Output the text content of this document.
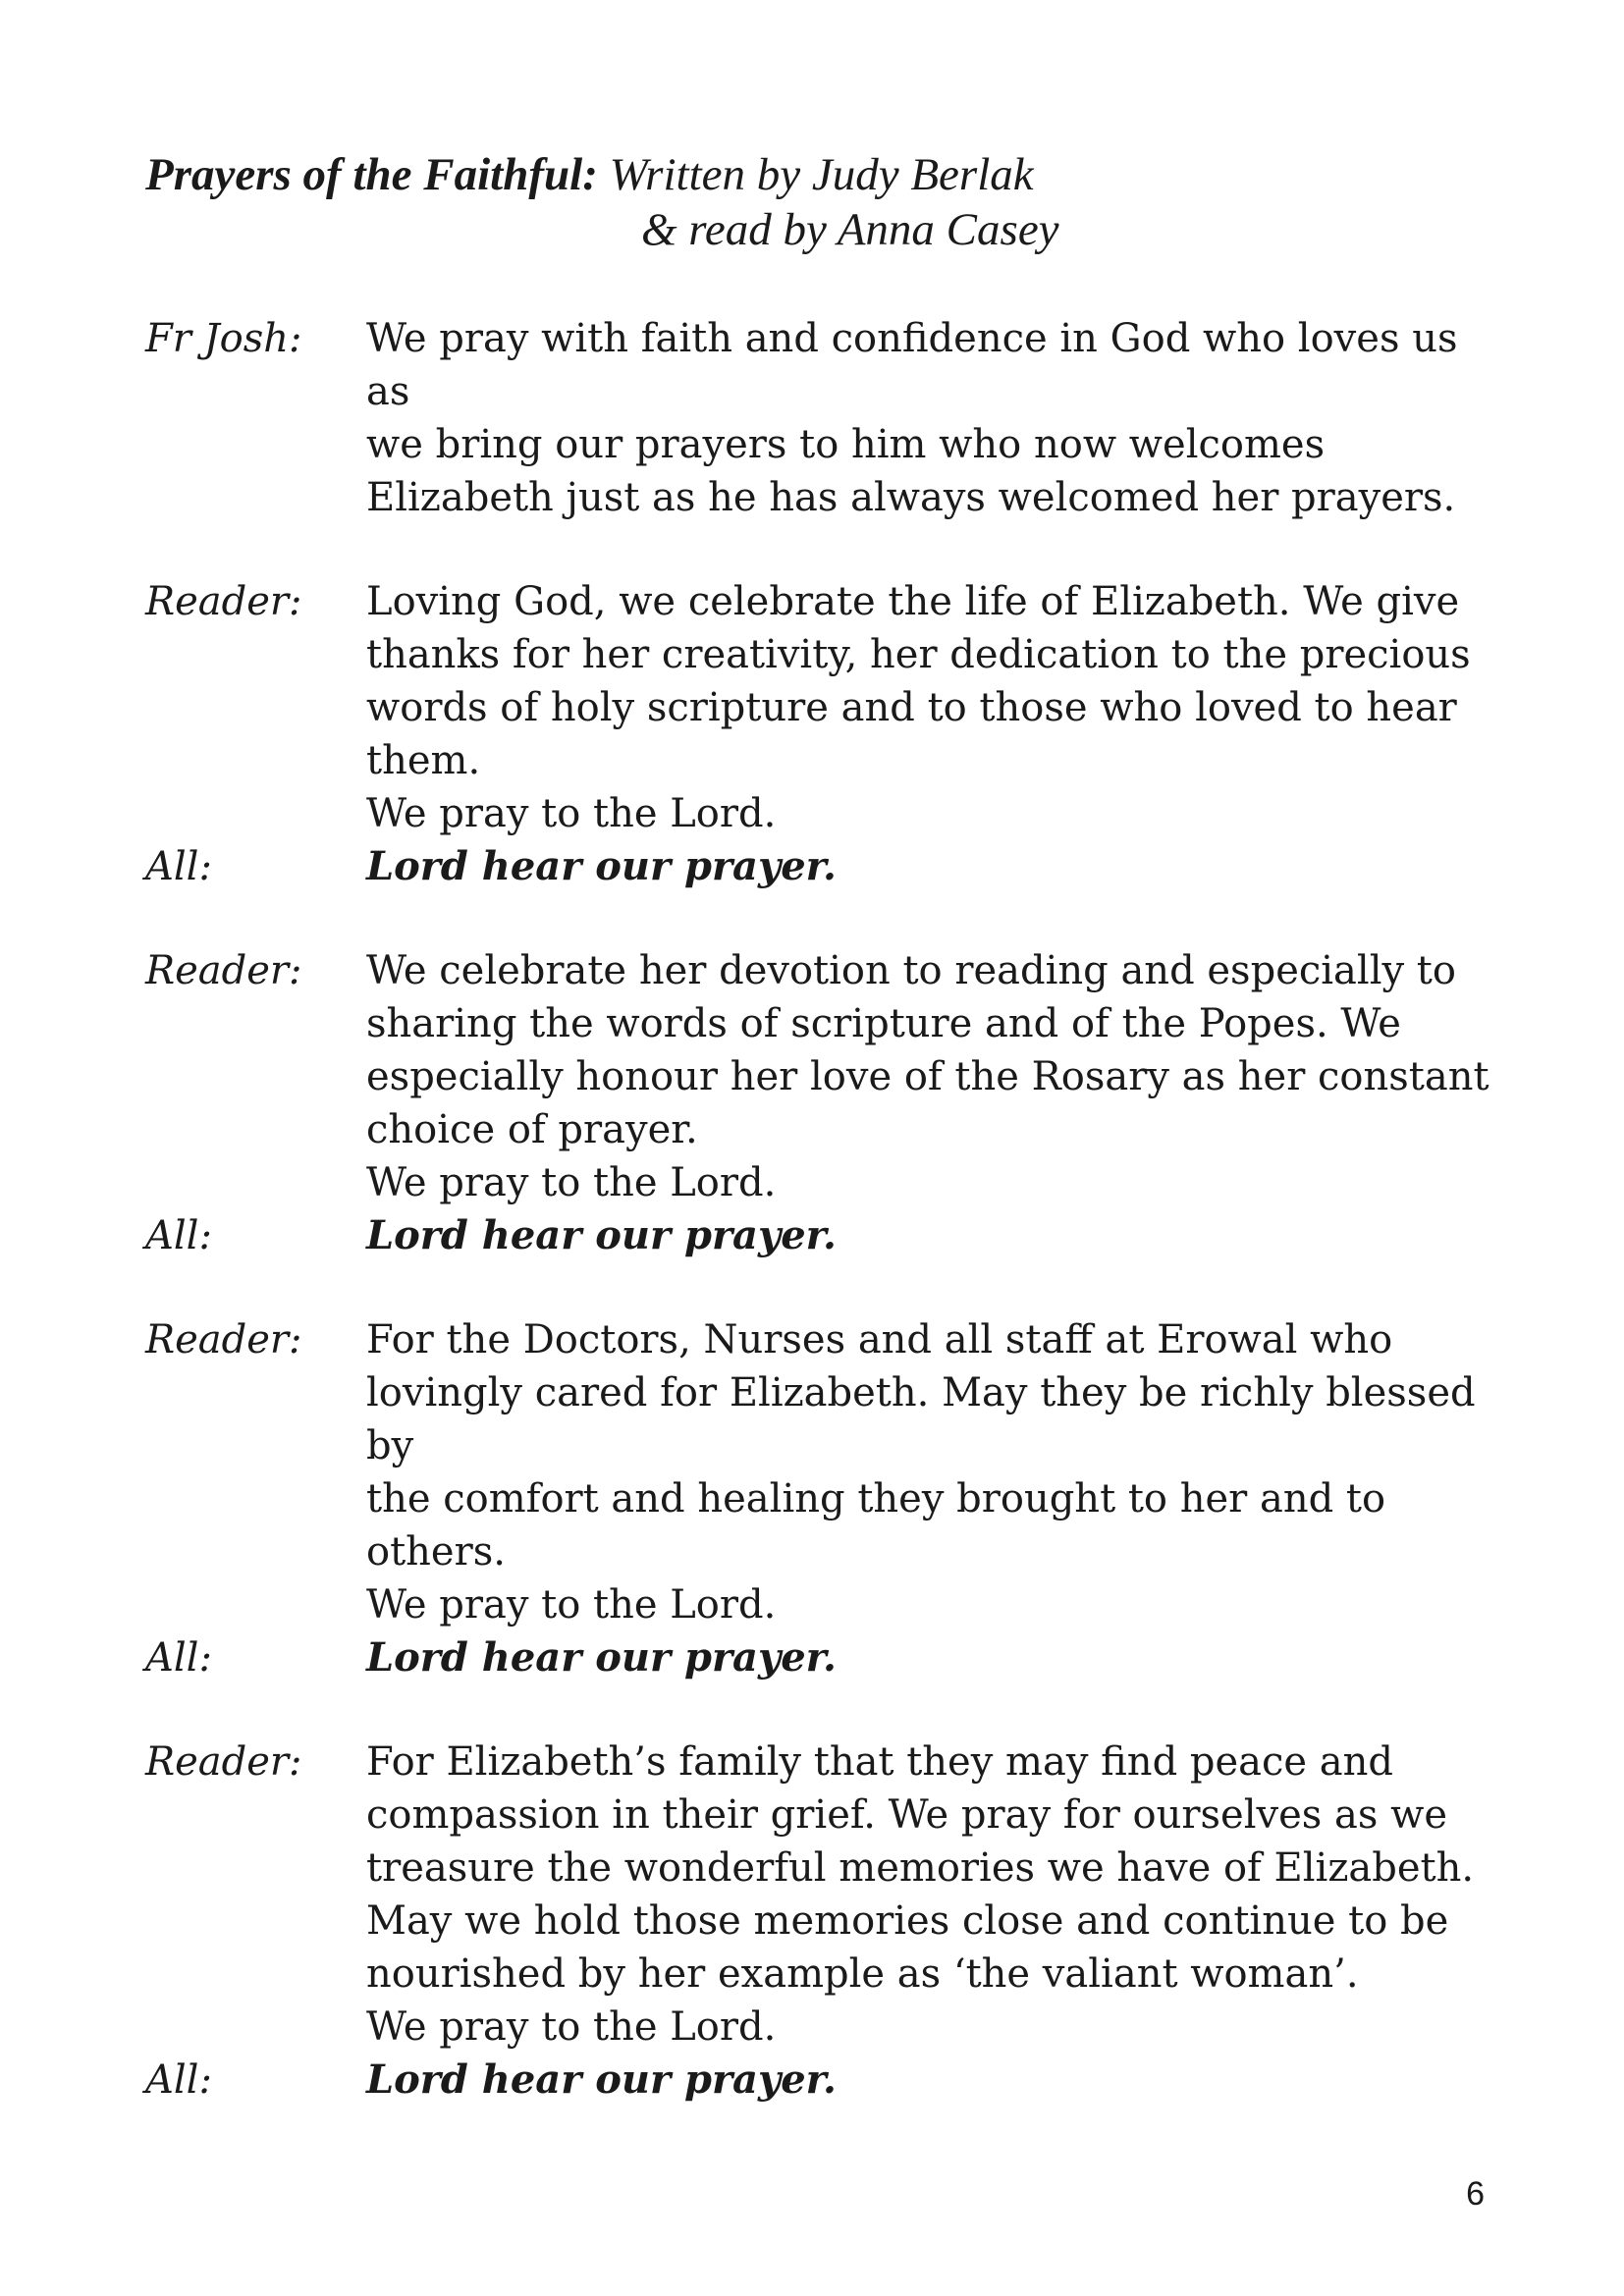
Prayers of the Faithful: Written by Judy Berlak
& read by Anna Casey
Fr Josh:	We pray with faith and confidence in God who loves us as
we bring our prayers to him who now welcomes
Elizabeth just as he has always welcomed her prayers.
Reader:	Loving God, we celebrate the life of Elizabeth. We give
thanks for her creativity, her dedication to the precious
words of holy scripture and to those who loved to hear
them.
We pray to the Lord.
All:	Lord hear our prayer.
Reader:	We celebrate her devotion to reading and especially to
sharing the words of scripture and of the Popes. We
especially honour her love of the Rosary as her constant
choice of prayer.
We pray to the Lord.
All:	Lord hear our prayer.
Reader:	For the Doctors, Nurses and all staff at Erowal who
lovingly cared for Elizabeth. May they be richly blessed by
the comfort and healing they brought to her and to others.
We pray to the Lord.
All:	Lord hear our prayer.
Reader:	For Elizabeth’s family that they may find peace and
compassion in their grief. We pray for ourselves as we
treasure the wonderful memories we have of Elizabeth.
May we hold those memories close and continue to be
nourished by her example as ‘the valiant woman’.
We pray to the Lord.
All:	Lord hear our prayer.
6
